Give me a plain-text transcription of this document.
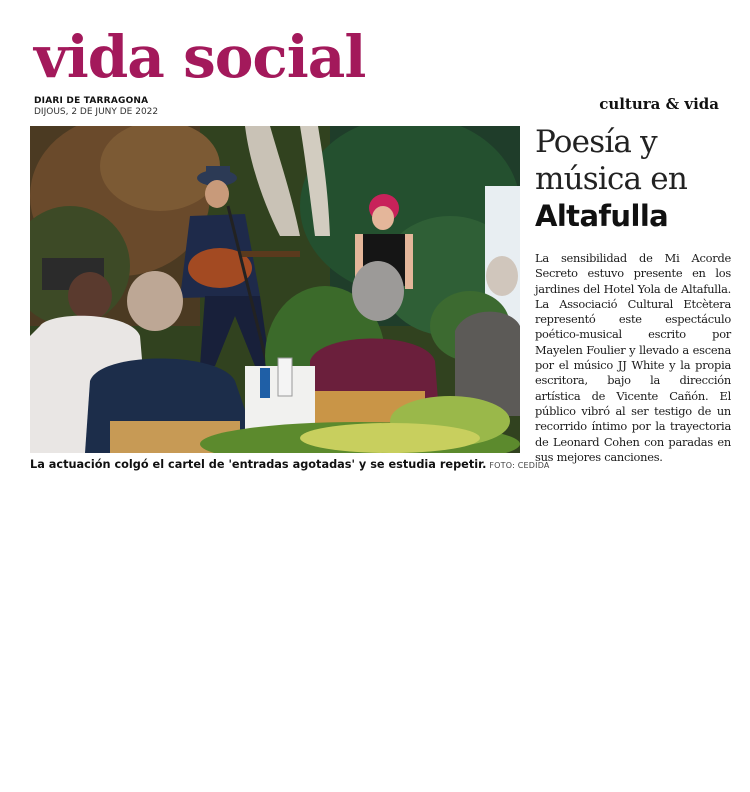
vida social
DIARI DE TARRAGONA
DIJOUS, 2 DE JUNY DE 2022	cultura & vida
La actuación colgó el cartel de 'entradas agotadas' y se estudia repetir. FOTO: CEDIDA
Poesía y
música en
Altafulla
La sensibilidad de Mi Acorde Secreto estuvo presente en los jardines del Hotel Yola de Altafulla. La Associació Cultural Etcètera representó este espectáculo poético-musical escrito por Mayelen Foulier y llevado a escena por el músico JJ White y la propia escritora, bajo la dirección artística de Vicente Cañón. El público vibró al ser testigo de un recorrido íntimo por la trayectoria de Leonard Cohen con paradas en sus mejores canciones.
